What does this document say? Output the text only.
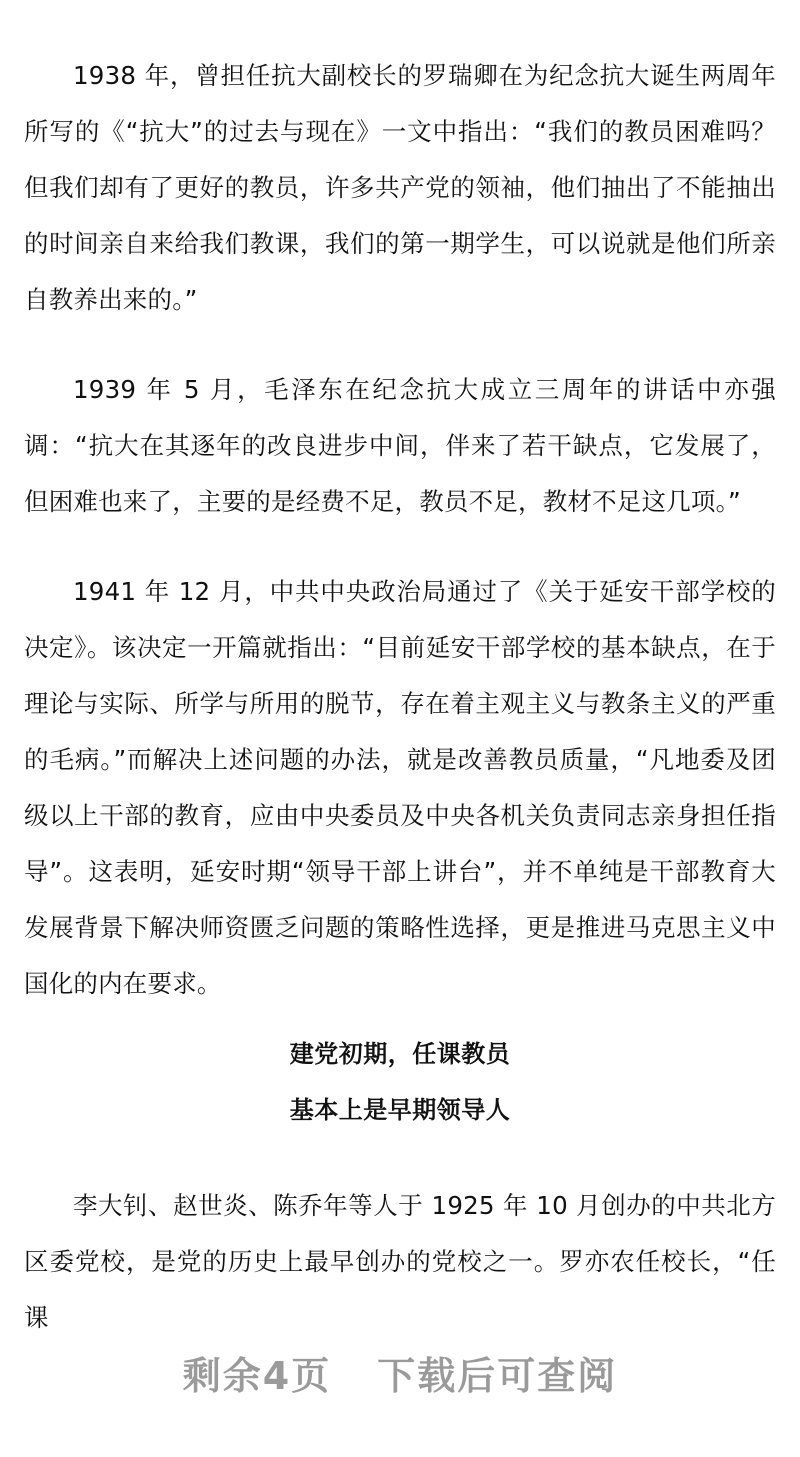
1938 年，曾担任抗大副校长的罗瑞卿在为纪念抗大诞生两周年所写的《“抗大”的过去与现在》一文中指出：“我们的教员困难吗？但我们却有了更好的教员，许多共产党的领袖，他们抽出了不能抽出的时间亲自来给我们教课，我们的第一期学生，可以说就是他们所亲自教养出来的。”

1939 年 5 月，毛泽东在纪念抗大成立三周年的讲话中亦强调：“抗大在其逐年的改良进步中间，伴来了若干缺点，它发展了，但困难也来了，主要的是经费不足，教员不足，教材不足这几项。”

1941 年 12 月，中共中央政治局通过了《关于延安干部学校的决定》。该决定一开篇就指出：“目前延安干部学校的基本缺点，在于理论与实际、所学与所用的脱节，存在着主观主义与教条主义的严重的毛病。”而解决上述问题的办法，就是改善教员质量，“凡地委及团级以上干部的教育，应由中央委员及中央各机关负责同志亲身担任指导”。这表明，延安时期“领导干部上讲台”，并不单纯是干部教育大发展背景下解决师资匮乏问题的策略性选择，更是推进马克思主义中国化的内在要求。

建党初期，任课教员

基本上是早期领导人

李大钊、赵世炎、陈乔年等人于 1925 年 10 月创办的中共北方区委党校，是党的历史上最早创办的党校之一。罗亦农任校长，“任课

剩余4页 下载后可查阅
